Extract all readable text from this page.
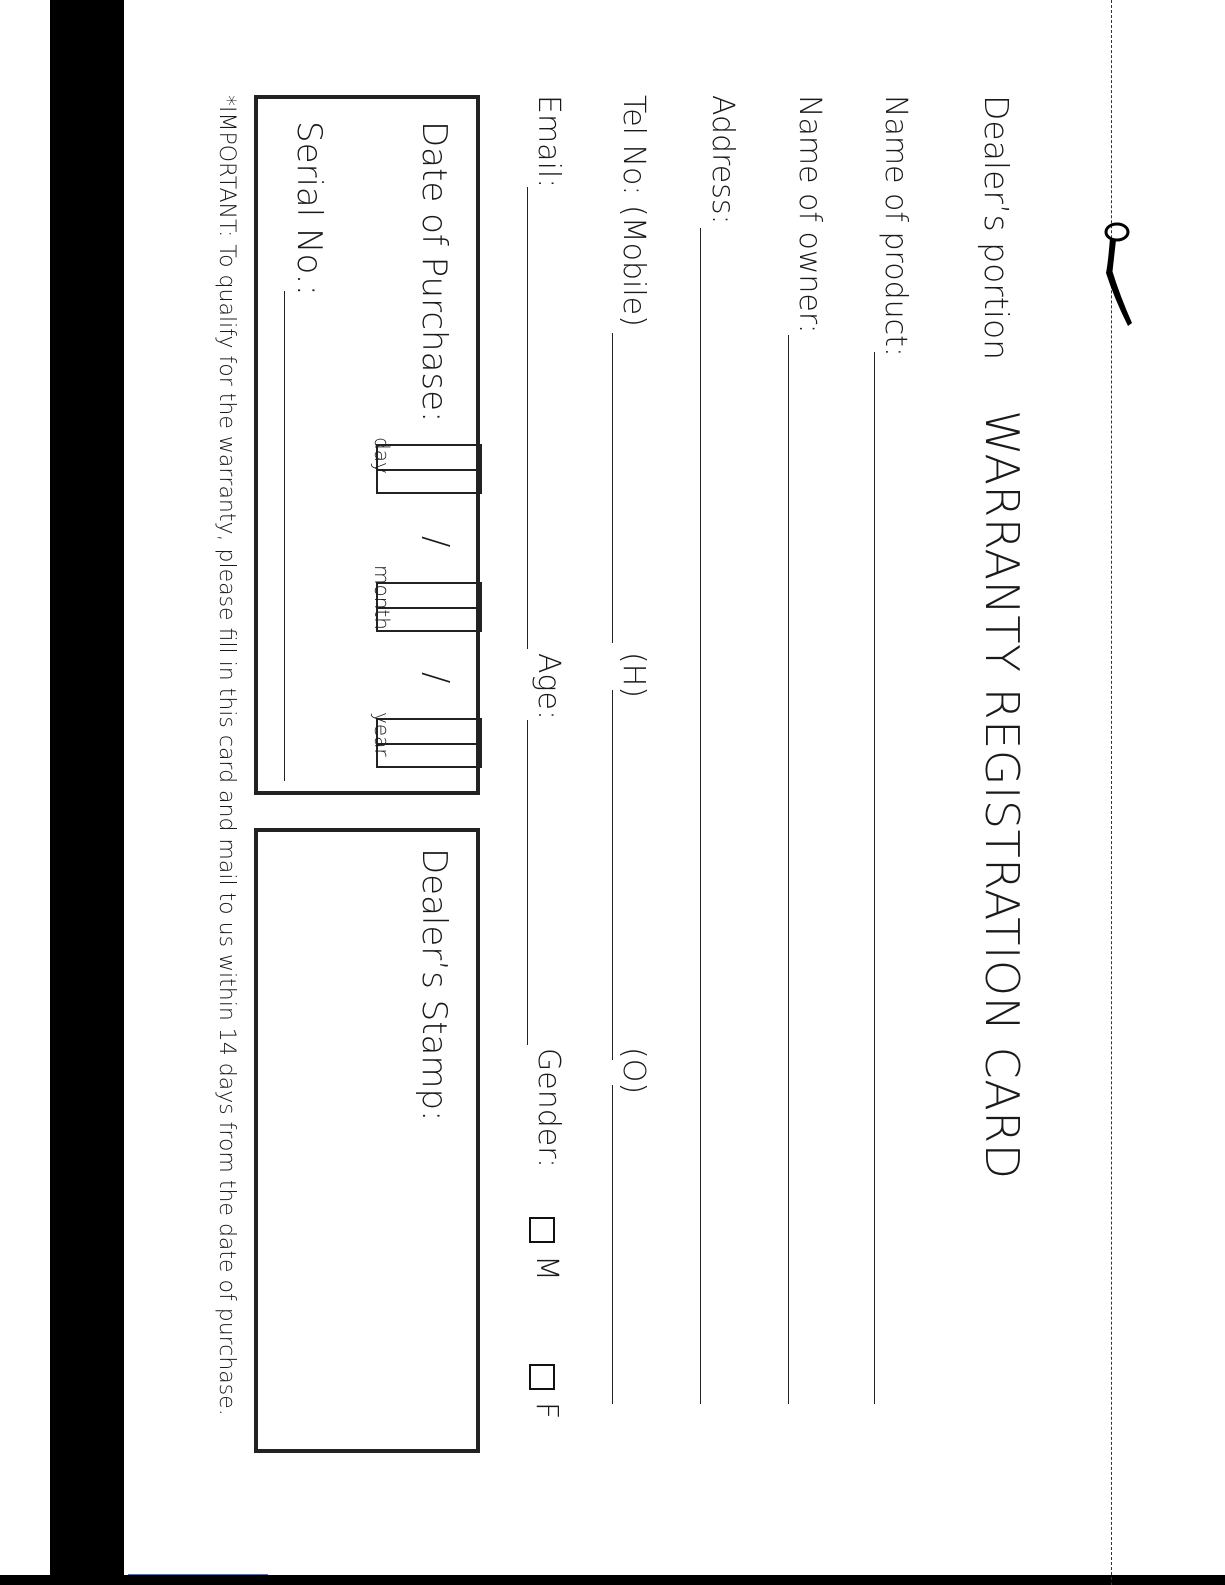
Dealer’s portion
WARRANTY REGISTRATION CARD
Name of product:
Name of owner:
Address:
Tel No: (Mobile)
(H)
(O)
Email:
Age:
Gender:
M
F
Date of Purchase:
/
/
day
month
year
Serial No.:
Dealer’s Stamp:
*IMPORTANT: To qualify for the warranty, please fill in this card and mail to us within 14 days from the date of purchase.
